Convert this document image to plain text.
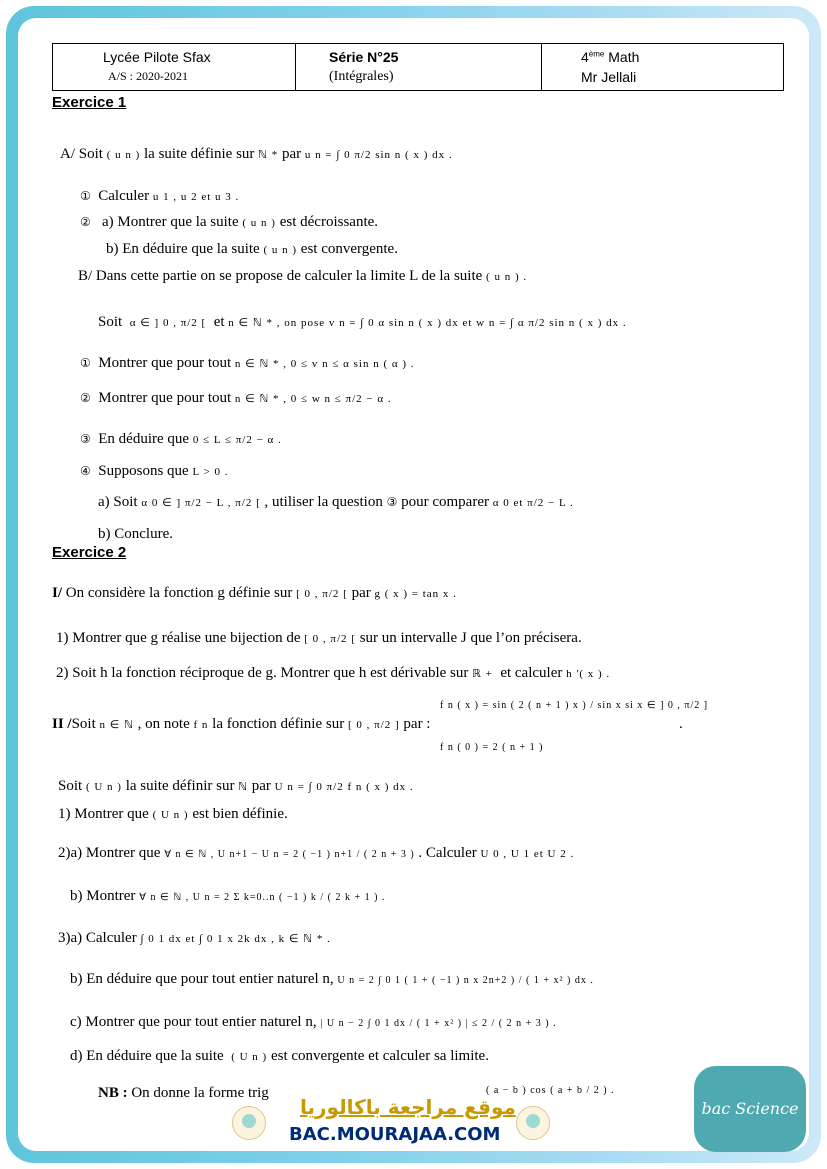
Lycée Pilote Sfax
A/S : 2020-2021
Série N°25
(Intégrales)
4ème Math
Mr Jellali
Exercice 1
A/ Soit ( u n ) la suite définie sur ℕ * par u n = ∫ 0 π/2 sin n ( x ) dx .
① Calculer u 1 , u 2 et u 3 .
② a) Montrer que la suite ( u n ) est décroissante.
b) En déduire que la suite ( u n ) est convergente.
B/ Dans cette partie on se propose de calculer la limite L de la suite ( u n ) .
Soit α ∈ ] 0 , π/2 [ et n ∈ ℕ * , on pose v n = ∫ 0 α sin n ( x ) dx et w n = ∫ α π/2 sin n ( x ) dx .
① Montrer que pour tout n ∈ ℕ * , 0 ≤ v n ≤ α sin n ( α ) .
② Montrer que pour tout n ∈ ℕ * , 0 ≤ w n ≤ π/2 − α .
③ En déduire que 0 ≤ L ≤ π/2 − α .
④ Supposons que L > 0 .
a) Soit α 0 ∈ ] π/2 − L , π/2 [ , utiliser la question ③ pour comparer α 0 et π/2 − L .
b) Conclure.
Exercice 2
I/ On considère la fonction g définie sur [ 0 , π/2 [ par g ( x ) = tan x .
1) Montrer que g réalise une bijection de [ 0 , π/2 [ sur un intervalle J que l’on précisera.
2) Soit h la fonction réciproque de g. Montrer que h est dérivable sur ℝ + et calculer h '( x ) .
II /Soit n ∈ ℕ , on note f n la fonction définie sur [ 0 , π/2 ] par :
f n ( x ) = sin ( 2 ( n + 1 ) x ) / sin x si x ∈ ] 0 , π/2 ]
f n ( 0 ) = 2 ( n + 1 )
.
Soit ( U n ) la suite définir sur ℕ par U n = ∫ 0 π/2 f n ( x ) dx .
1) Montrer que ( U n ) est bien définie.
2)a) Montrer que ∀ n ∈ ℕ , U n+1 − U n = 2 ( −1 ) n+1 / ( 2 n + 3 ) . Calculer U 0 , U 1 et U 2 .
b) Montrer ∀ n ∈ ℕ , U n = 2 Σ k=0..n ( −1 ) k / ( 2 k + 1 ) .
3)a) Calculer ∫ 0 1 dx et ∫ 0 1 x 2k dx , k ∈ ℕ * .
b) En déduire que pour tout entier naturel n, U n = 2 ∫ 0 1 ( 1 + ( −1 ) n x 2n+2 ) / ( 1 + x² ) dx .
c) Montrer que pour tout entier naturel n, | U n − 2 ∫ 0 1 dx / ( 1 + x² ) | ≤ 2 / ( 2 n + 3 ) .
d) En déduire que la suite ( U n ) est convergente et calculer sa limite.
NB : On donne la forme trig	( a − b ) cos ( a + b / 2 ) .
موقع مراجعة باكالوريا
BAC.MOURAJAA.COM
bac Science
